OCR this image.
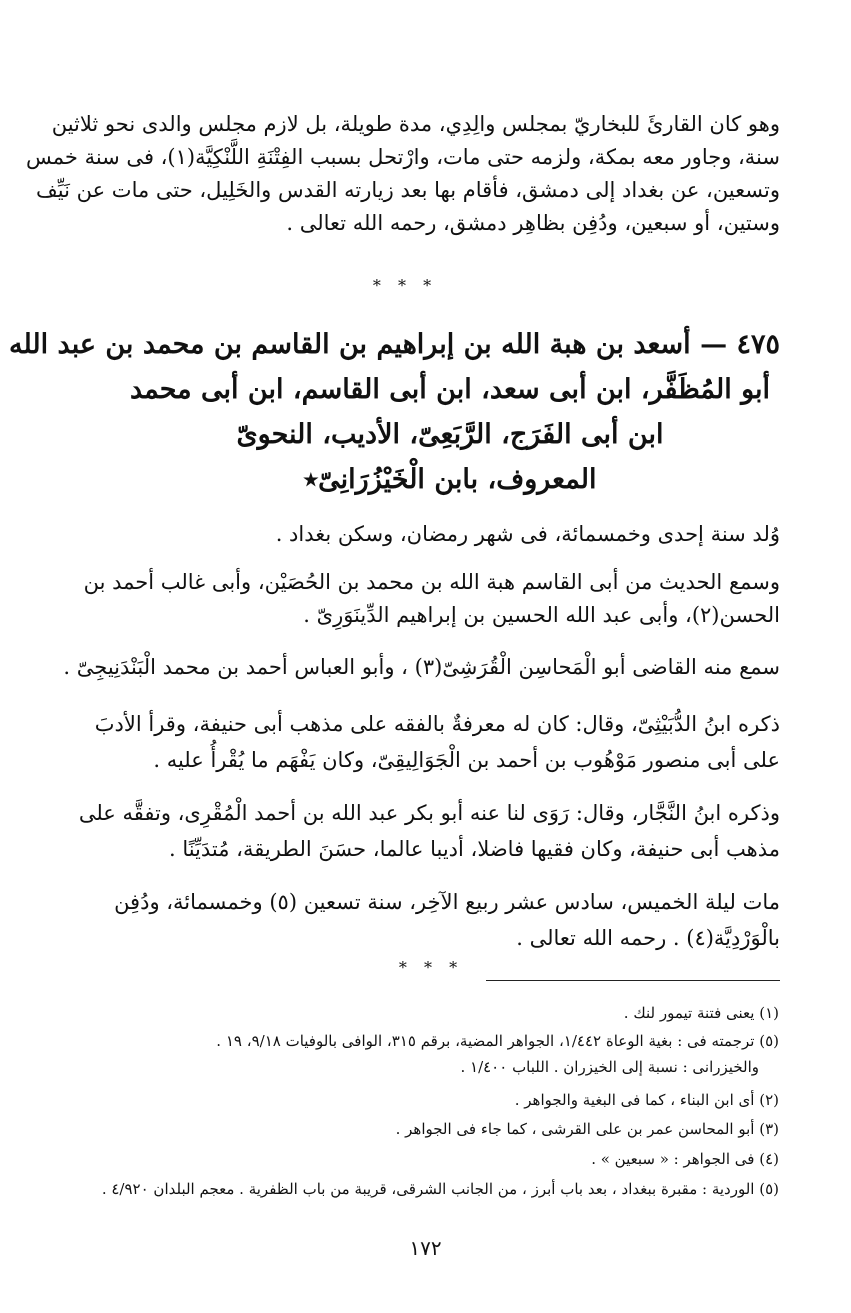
وهو كان القارئَ للبخاريّ بمجلس والِدِي، مدة طويلة، بل لازم مجلس والدى نحو ثلاثين
سنة، وجاور معه بمكة، ولزمه حتى مات، وارْتحل بسبب الفِتْنَةِ اللَّنْكِيَّة(١)، فى سنة خمس
وتسعين، عن بغداد إلى دمشق، فأقام بها بعد زيارته القدس والخَلِيل، حتى مات عن نَيِّف
وستين، أو سبعين، ودُفِن بظاهِر دمشق، رحمه الله تعالى .
* * *
٤٧٥ — أسعد بن هبة الله بن إبراهيم بن القاسم بن محمد بن عبد الله
أبو المُظَفَّر، ابن أبى سعد، ابن أبى القاسم، ابن أبى محمد
ابن أبى الفَرَج، الرَّبَعِىّ، الأديب، النحوىّ
المعروف، بابن الْخَيْزُرَانِىّ٭
وُلد سنة إحدى وخمسمائة، فى شهر رمضان، وسكن بغداد .
وسمع الحديث من أبى القاسم هبة الله بن محمد بن الحُصَيْن، وأبى غالب أحمد بن
الحسن(٢)، وأبى عبد الله الحسين بن إبراهيم الدِّينَوَرِىّ .
سمع منه القاضى أبو الْمَحاسِن الْقُرَشِىّ(٣) ، وأبو العباس أحمد بن محمد الْبَنْدَنِيجِىّ .
ذكره ابنُ الدُّبَيْثِىّ، وقال: كان له معرفةٌ بالفقه على مذهب أبى حنيفة، وقرأ الأدبَ
على أبى منصور مَوْهُوب بن أحمد بن الْجَوَالِيقِىّ، وكان يَفْهَم ما يُقْرأُ عليه .
وذكره ابنُ النَّجَّار، وقال: رَوَى لنا عنه أبو بكر عبد الله بن أحمد الْمُقْرِى، وتفقَّه على
مذهب أبى حنيفة، وكان فقيها فاضلا، أديبا عالما، حسَنَ الطريقة، مُتدَيِّنًا .
مات ليلة الخميس، سادس عشر ربيع الآخِر، سنة تسعين (٥) وخمسمائة، ودُفِن
بالْوَرْدِيَّة(٤) . رحمه الله تعالى .
* * *
(١) يعنى فتنة تيمور لنك .
(٥) ترجمته فى : بغية الوعاة ١/٤٤٢، الجواهر المضية، برقم ٣١٥، الوافى بالوفيات ٩/١٨، ١٩ .
والخيزرانى : نسبة إلى الخيزران . اللباب ١/٤٠٠ .
(٢) أى ابن البناء ، كما فى البغية والجواهر .
(٣) أبو المحاسن عمر بن على القرشى ، كما جاء فى الجواهر .
(٤) فى الجواهر : « سبعين » .
(٥) الوردية : مقبرة ببغداد ، بعد باب أبرز ، من الجانب الشرقى، قريبة من باب الظفرية . معجم البلدان ٤/٩٢٠ .
١٧٢
